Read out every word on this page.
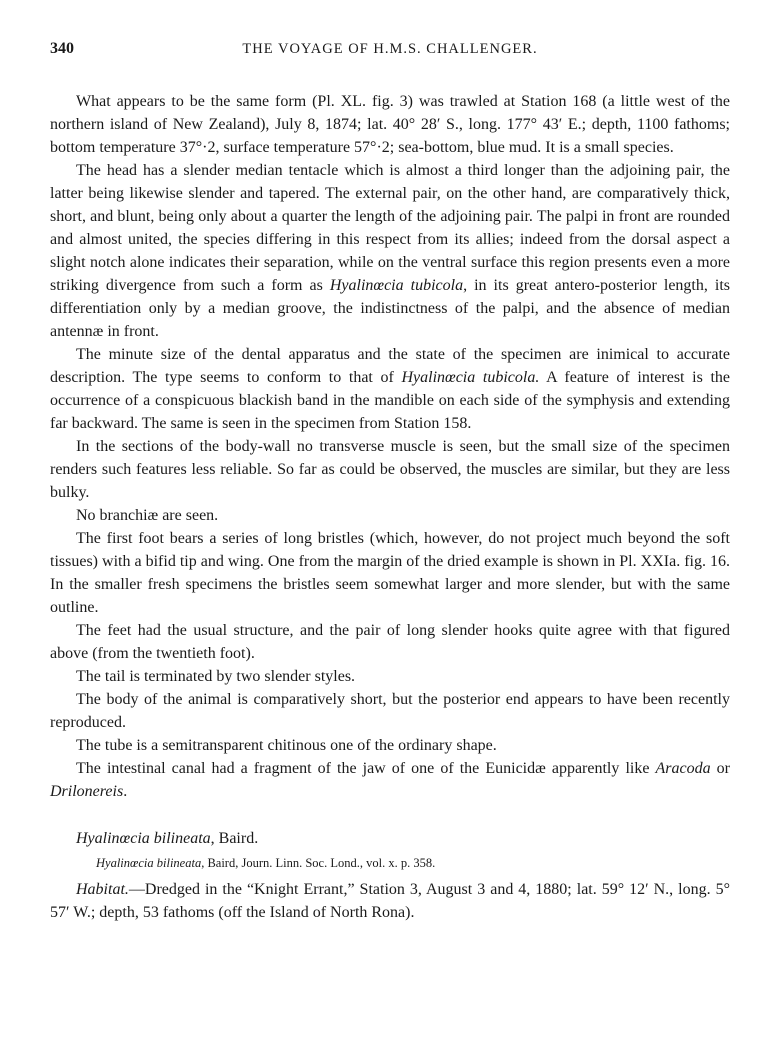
340	THE VOYAGE OF H.M.S. CHALLENGER.

What appears to be the same form (Pl. XL. fig. 3) was trawled at Station 168 (a little west of the northern island of New Zealand), July 8, 1874; lat. 40° 28′ S., long. 177° 43′ E.; depth, 1100 fathoms; bottom temperature 37°·2, surface temperature 57°·2; sea-bottom, blue mud. It is a small species.

The head has a slender median tentacle which is almost a third longer than the adjoining pair, the latter being likewise slender and tapered. The external pair, on the other hand, are comparatively thick, short, and blunt, being only about a quarter the length of the adjoining pair. The palpi in front are rounded and almost united, the species differing in this respect from its allies; indeed from the dorsal aspect a slight notch alone indicates their separation, while on the ventral surface this region presents even a more striking divergence from such a form as Hyalinœcia tubicola, in its great antero-posterior length, its differentiation only by a median groove, the indistinctness of the palpi, and the absence of median antennæ in front.

The minute size of the dental apparatus and the state of the specimen are inimical to accurate description. The type seems to conform to that of Hyalinœcia tubicola. A feature of interest is the occurrence of a conspicuous blackish band in the mandible on each side of the symphysis and extending far backward. The same is seen in the specimen from Station 158.

In the sections of the body-wall no transverse muscle is seen, but the small size of the specimen renders such features less reliable. So far as could be observed, the muscles are similar, but they are less bulky.

No branchiæ are seen.

The first foot bears a series of long bristles (which, however, do not project much beyond the soft tissues) with a bifid tip and wing. One from the margin of the dried example is shown in Pl. XXIa. fig. 16. In the smaller fresh specimens the bristles seem somewhat larger and more slender, but with the same outline.

The feet had the usual structure, and the pair of long slender hooks quite agree with that figured above (from the twentieth foot).

The tail is terminated by two slender styles.

The body of the animal is comparatively short, but the posterior end appears to have been recently reproduced.

The tube is a semitransparent chitinous one of the ordinary shape.

The intestinal canal had a fragment of the jaw of one of the Eunicidæ apparently like Aracoda or Drilonereis.

Hyalinœcia bilineata, Baird.
Hyalinœcia bilineata, Baird, Journ. Linn. Soc. Lond., vol. x. p. 358.

Habitat.—Dredged in the “Knight Errant,” Station 3, August 3 and 4, 1880; lat. 59° 12′ N., long. 5° 57′ W.; depth, 53 fathoms (off the Island of North Rona).
